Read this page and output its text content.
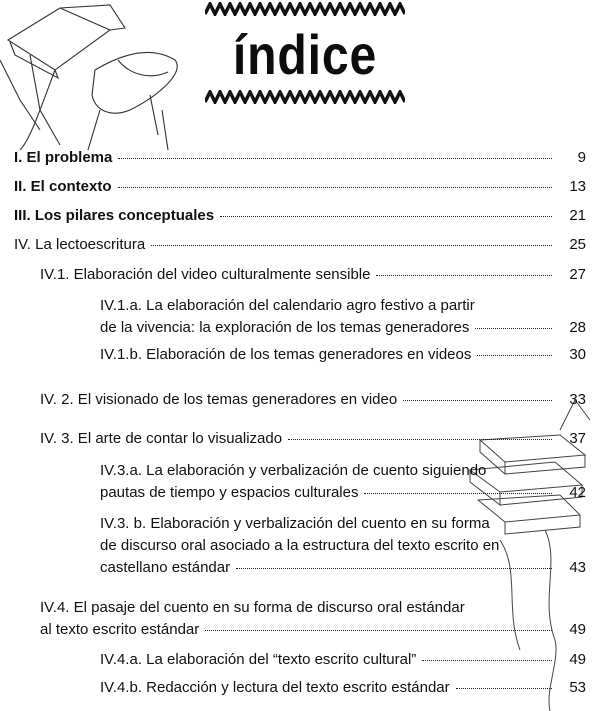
índice
I. El problema	9
II. El contexto	13
III. Los pilares conceptuales	21
IV. La lectoescritura	25
IV.1. Elaboración del video culturalmente sensible	27
IV.1.a. La elaboración del calendario agro festivo a partir
de la vivencia: la exploración de los temas generadores	28
IV.1.b. Elaboración de los temas generadores en videos	30
IV. 2. El visionado de los temas generadores en video	33
IV. 3. El arte de contar lo visualizado	37
IV.3.a. La elaboración y verbalización de cuento siguiendo
pautas de tiempo y espacios culturales	42
IV.3. b. Elaboración y verbalización del cuento en su forma
de discurso oral asociado a la estructura del texto escrito en
castellano estándar	43
IV.4. El pasaje del cuento en su forma de discurso oral estándar
al texto escrito estándar	49
IV.4.a. La elaboración del “texto escrito cultural”	49
IV.4.b. Redacción y lectura del texto escrito estándar	53
